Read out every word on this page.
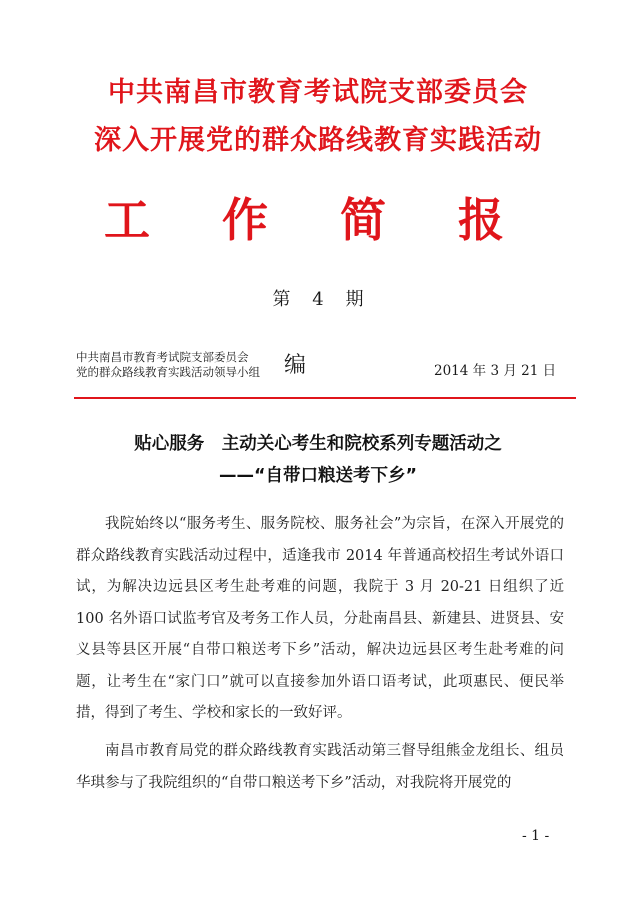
中共南昌市教育考试院支部委员会
深入开展党的群众路线教育实践活动
工 作 简 报
第 4 期
中共南昌市教育考试院支部委员会
党的群众路线教育实践活动领导小组 编	2014 年 3 月 21 日
贴心服务　主动关心考生和院校系列专题活动之
——“自带口粮送考下乡”

我院始终以“服务考生、服务院校、服务社会”为宗旨，在深入开展党的群众路线教育实践活动过程中，适逢我市 2014 年普通高校招生考试外语口试，为解决边远县区考生赴考难的问题，我院于 3 月 20-21 日组织了近 100 名外语口试监考官及考务工作人员，分赴南昌县、新建县、进贤县、安义县等县区开展“自带口粮送考下乡”活动，解决边远县区考生赴考难的问题，让考生在“家门口”就可以直接参加外语口语考试，此项惠民、便民举措，得到了考生、学校和家长的一致好评。

南昌市教育局党的群众路线教育实践活动第三督导组熊金龙组长、组员华琪参与了我院组织的“自带口粮送考下乡”活动，对我院将开展党的

- 1 -
